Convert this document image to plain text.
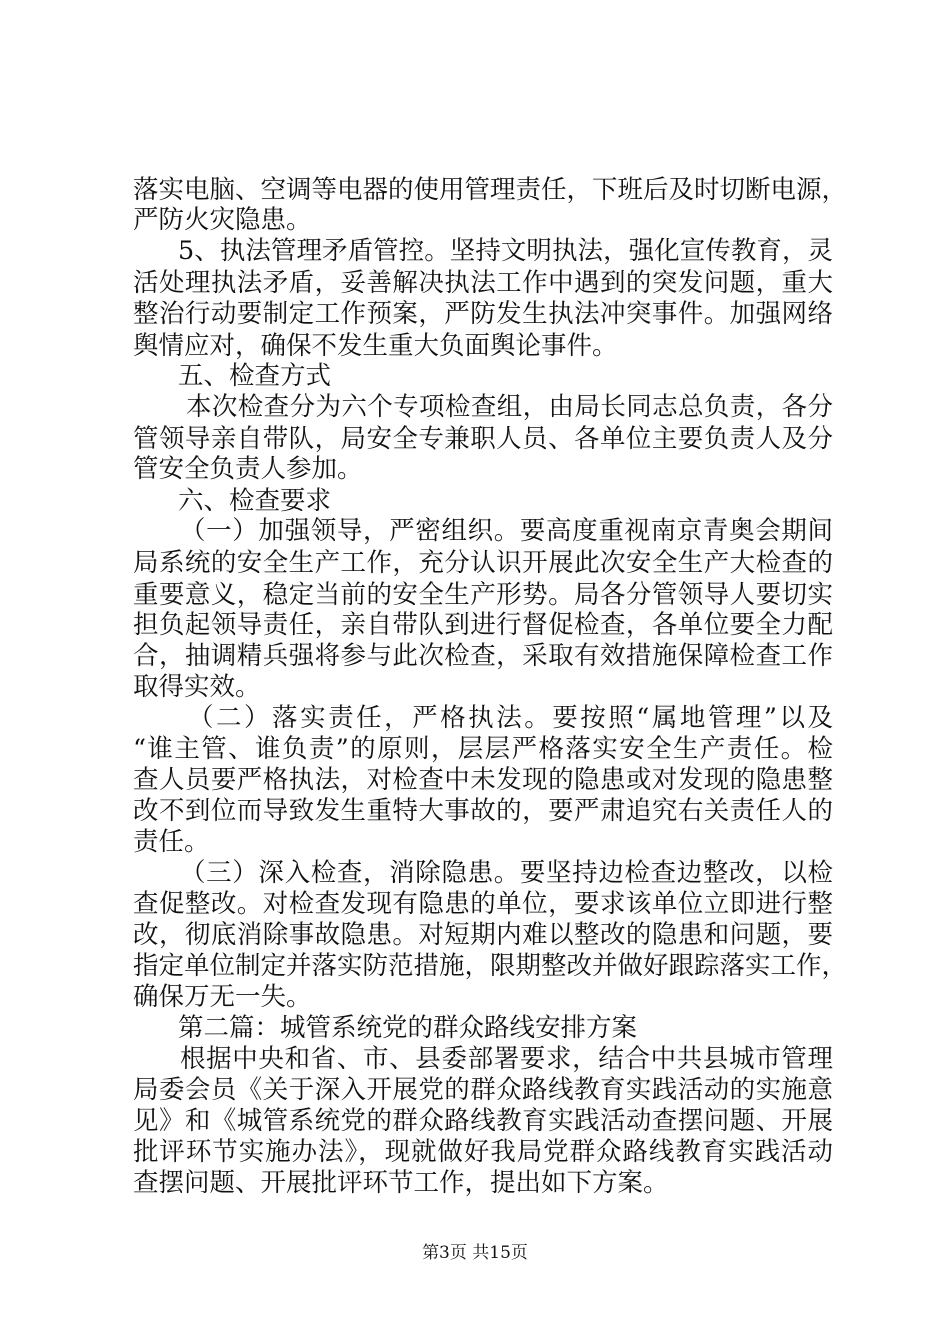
落实电脑、空调等电器的使用管理责任，下班后及时切断电源，
严防火灾隐患。
5、执法管理矛盾管控。坚持文明执法，强化宣传教育，灵
活处理执法矛盾，妥善解决执法工作中遇到的突发问题，重大
整治行动要制定工作预案，严防发生执法冲突事件。加强网络
舆情应对，确保不发生重大负面舆论事件。
五、检查方式
本次检查分为六个专项检查组，由局长同志总负责，各分
管领导亲自带队，局安全专兼职人员、各单位主要负责人及分
管安全负责人参加。
六、检查要求
（一）加强领导，严密组织。要高度重视南京青奥会期间
局系统的安全生产工作，充分认识开展此次安全生产大检查的
重要意义，稳定当前的安全生产形势。局各分管领导人要切实
担负起领导责任，亲自带队到进行督促检查，各单位要全力配
合，抽调精兵强将参与此次检查，采取有效措施保障检查工作
取得实效。
（二）落实责任，严格执法。要按照“属地管理”以及
“谁主管、谁负责”的原则，层层严格落实安全生产责任。检
查人员要严格执法，对检查中未发现的隐患或对发现的隐患整
改不到位而导致发生重特大事故的，要严肃追究右关责任人的
责任。
（三）深入检查，消除隐患。要坚持边检查边整改，以检
查促整改。对检查发现有隐患的单位，要求该单位立即进行整
改，彻底消除事故隐患。对短期内难以整改的隐患和问题，要
指定单位制定并落实防范措施，限期整改并做好跟踪落实工作，
确保万无一失。
第二篇：城管系统党的群众路线安排方案
根据中央和省、市、县委部署要求，结合中共县城市管理
局委会员《关于深入开展党的群众路线教育实践活动的实施意
见》和《城管系统党的群众路线教育实践活动查摆问题、开展
批评环节实施办法》，现就做好我局党群众路线教育实践活动
查摆问题、开展批评环节工作，提出如下方案。
第3页 共15页
